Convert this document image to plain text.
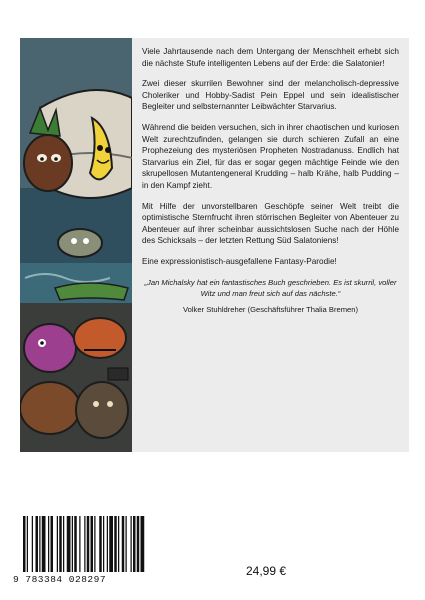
Viele Jahrtausende nach dem Untergang der Menschheit erhebt sich die nächste Stufe intelligenten Lebens auf der Erde: die Salatonier!

Zwei dieser skurrilen Bewohner sind der melancholisch-depressive Choleriker und Hobby-Sadist Pein Eppel und sein idealistischer Begleiter und selbsternannter Leibwächter Starvarius.

Während die beiden versuchen, sich in ihrer chaotischen und kuriosen Welt zurechtzufinden, gelangen sie durch schieren Zufall an eine Prophezeiung des mysteriösen Propheten Nostradanuss. Endlich hat Starvarius ein Ziel, für das er sogar gegen mächtige Feinde wie den skrupellosen Mutantengeneral Krudding – halb Krähe, halb Pudding – in den Kampf zieht.

Mit Hilfe der unvorstellbaren Geschöpfe seiner Welt treibt die optimistische Sternfrucht ihren störrischen Begleiter von Abenteuer zu Abenteuer auf ihrer scheinbar aussichtslosen Suche nach der Höhle des Schicksals – der letzten Rettung Süd Salatoniens!

Eine expressionistisch-ausgefallene Fantasy-Parodie!

„Jan Michalsky hat ein fantastisches Buch geschrieben. Es ist skurril, voller Witz und man freut sich auf das nächste.“
Volker Stuhldreher (Geschäftsführer Thalia Bremen)
9 783384 028297
24,99 €
